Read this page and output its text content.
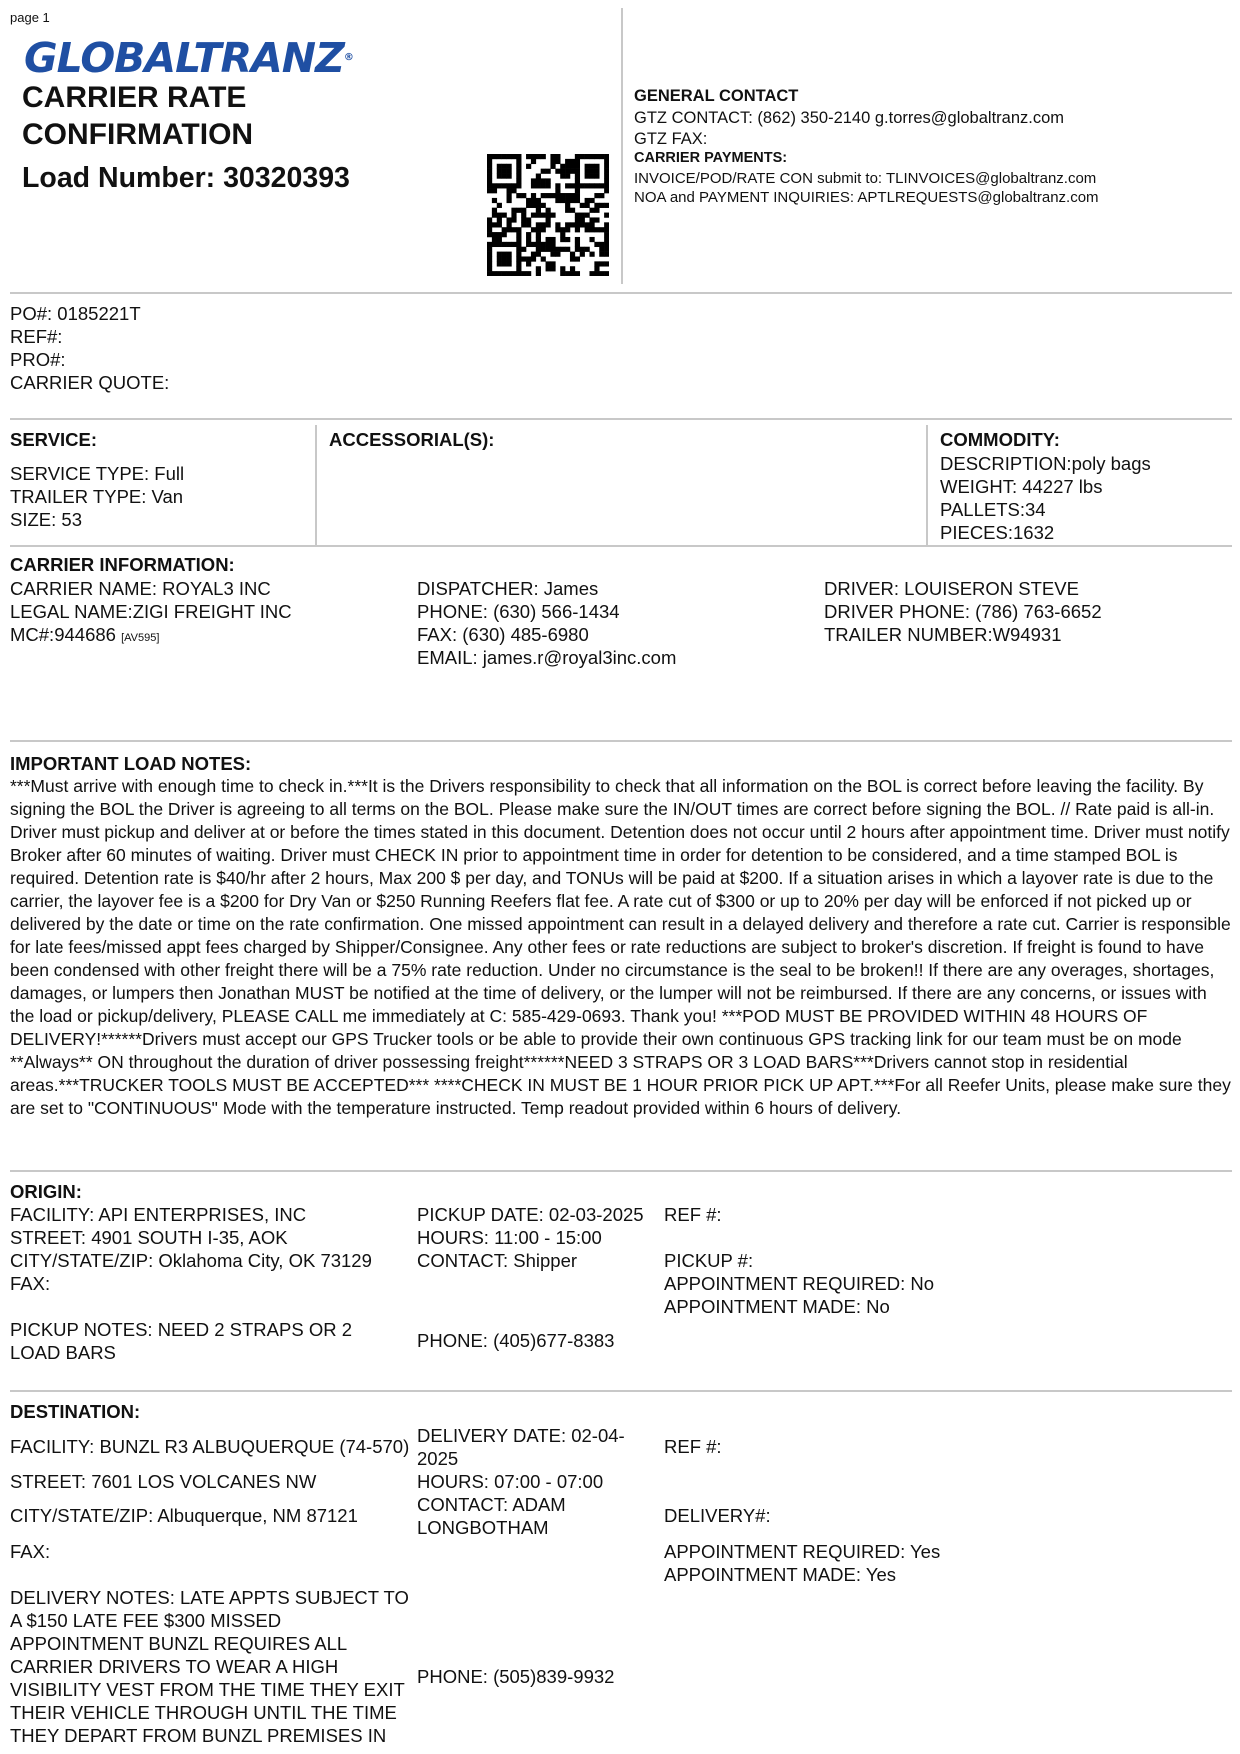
page 1
GLOBALTRANZ®
CARRIER RATE
CONFIRMATION
Load Number: 30320393
GENERAL CONTACT
GTZ CONTACT: (862) 350-2140 g.torres@globaltranz.com
GTZ FAX:
CARRIER PAYMENTS:
INVOICE/POD/RATE CON submit to: TLINVOICES@globaltranz.com
NOA and PAYMENT INQUIRIES: APTLREQUESTS@globaltranz.com
PO#: 0185221T
REF#:
PRO#:
CARRIER QUOTE:
SERVICE:
SERVICE TYPE: Full
TRAILER TYPE: Van
SIZE: 53
ACCESSORIAL(S):	COMMODITY:
DESCRIPTION:poly bags
WEIGHT: 44227 lbs
PALLETS:34
PIECES:1632
CARRIER INFORMATION:
CARRIER NAME: ROYAL3 INC
LEGAL NAME:ZIGI FREIGHT INC
MC#:944686 [AV595]
DISPATCHER: James
PHONE: (630) 566-1434
FAX: (630) 485-6980
EMAIL: james.r@royal3inc.com
DRIVER: LOUISERON STEVE
DRIVER PHONE: (786) 763-6652
TRAILER NUMBER:W94931
IMPORTANT LOAD NOTES:
***Must arrive with enough time to check in.***It is the Drivers responsibility to check that all information on the BOL is correct before leaving the facility. By signing the BOL the Driver is agreeing to all terms on the BOL. Please make sure the IN/OUT times are correct before signing the BOL. // Rate paid is all-in. Driver must pickup and deliver at or before the times stated in this document. Detention does not occur until 2 hours after appointment time. Driver must notify Broker after 60 minutes of waiting. Driver must CHECK IN prior to appointment time in order for detention to be considered, and a time stamped BOL is required. Detention rate is $40/hr after 2 hours, Max 200 $ per day, and TONUs will be paid at $200. If a situation arises in which a layover rate is due to the carrier, the layover fee is a $200 for Dry Van or $250 Running Reefers flat fee. A rate cut of $300 or up to 20% per day will be enforced if not picked up or delivered by the date or time on the rate confirmation. One missed appointment can result in a delayed delivery and therefore a rate cut. Carrier is responsible for late fees/missed appt fees charged by Shipper/Consignee. Any other fees or rate reductions are subject to broker's discretion. If freight is found to have been condensed with other freight there will be a 75% rate reduction. Under no circumstance is the seal to be broken!! If there are any overages, shortages, damages, or lumpers then Jonathan MUST be notified at the time of delivery, or the lumper will not be reimbursed. If there are any concerns, or issues with the load or pickup/delivery, PLEASE CALL me immediately at C: 585-429-0693. Thank you! ***POD MUST BE PROVIDED WITHIN 48 HOURS OF DELIVERY!******Drivers must accept our GPS Trucker tools or be able to provide their own continuous GPS tracking link for our team must be on mode **Always** ON throughout the duration of driver possessing freight******NEED 3 STRAPS OR 3 LOAD BARS***Drivers cannot stop in residential areas.***TRUCKER TOOLS MUST BE ACCEPTED*** ****CHECK IN MUST BE 1 HOUR PRIOR PICK UP APT.***For all Reefer Units, please make sure they are set to "CONTINUOUS" Mode with the temperature instructed. Temp readout provided within 6 hours of delivery.
ORIGIN:
FACILITY: API ENTERPRISES, INC
STREET: 4901 SOUTH I-35, AOK
CITY/STATE/ZIP: Oklahoma City, OK 73129
FAX:
PICKUP NOTES: NEED 2 STRAPS OR 2 LOAD BARS
PICKUP DATE: 02-03-2025
HOURS: 11:00 - 15:00
CONTACT: Shipper
PHONE: (405)677-8383
REF #:
PICKUP #:
APPOINTMENT REQUIRED: No
APPOINTMENT MADE: No
DESTINATION:
FACILITY: BUNZL R3 ALBUQUERQUE (74-570)
STREET: 7601 LOS VOLCANES NW
CITY/STATE/ZIP: Albuquerque, NM 87121
FAX:
DELIVERY NOTES: LATE APPTS SUBJECT TO A $150 LATE FEE $300 MISSED APPOINTMENT BUNZL REQUIRES ALL CARRIER DRIVERS TO WEAR A HIGH VISIBILITY VEST FROM THE TIME THEY EXIT THEIR VEHICLE THROUGH UNTIL THE TIME THEY DEPART FROM BUNZL PREMISES IN
DELIVERY DATE: 02-04-2025
HOURS: 07:00 - 07:00
CONTACT: ADAM LONGBOTHAM
PHONE: (505)839-9932
REF #:
DELIVERY#:
APPOINTMENT REQUIRED: Yes
APPOINTMENT MADE: Yes
